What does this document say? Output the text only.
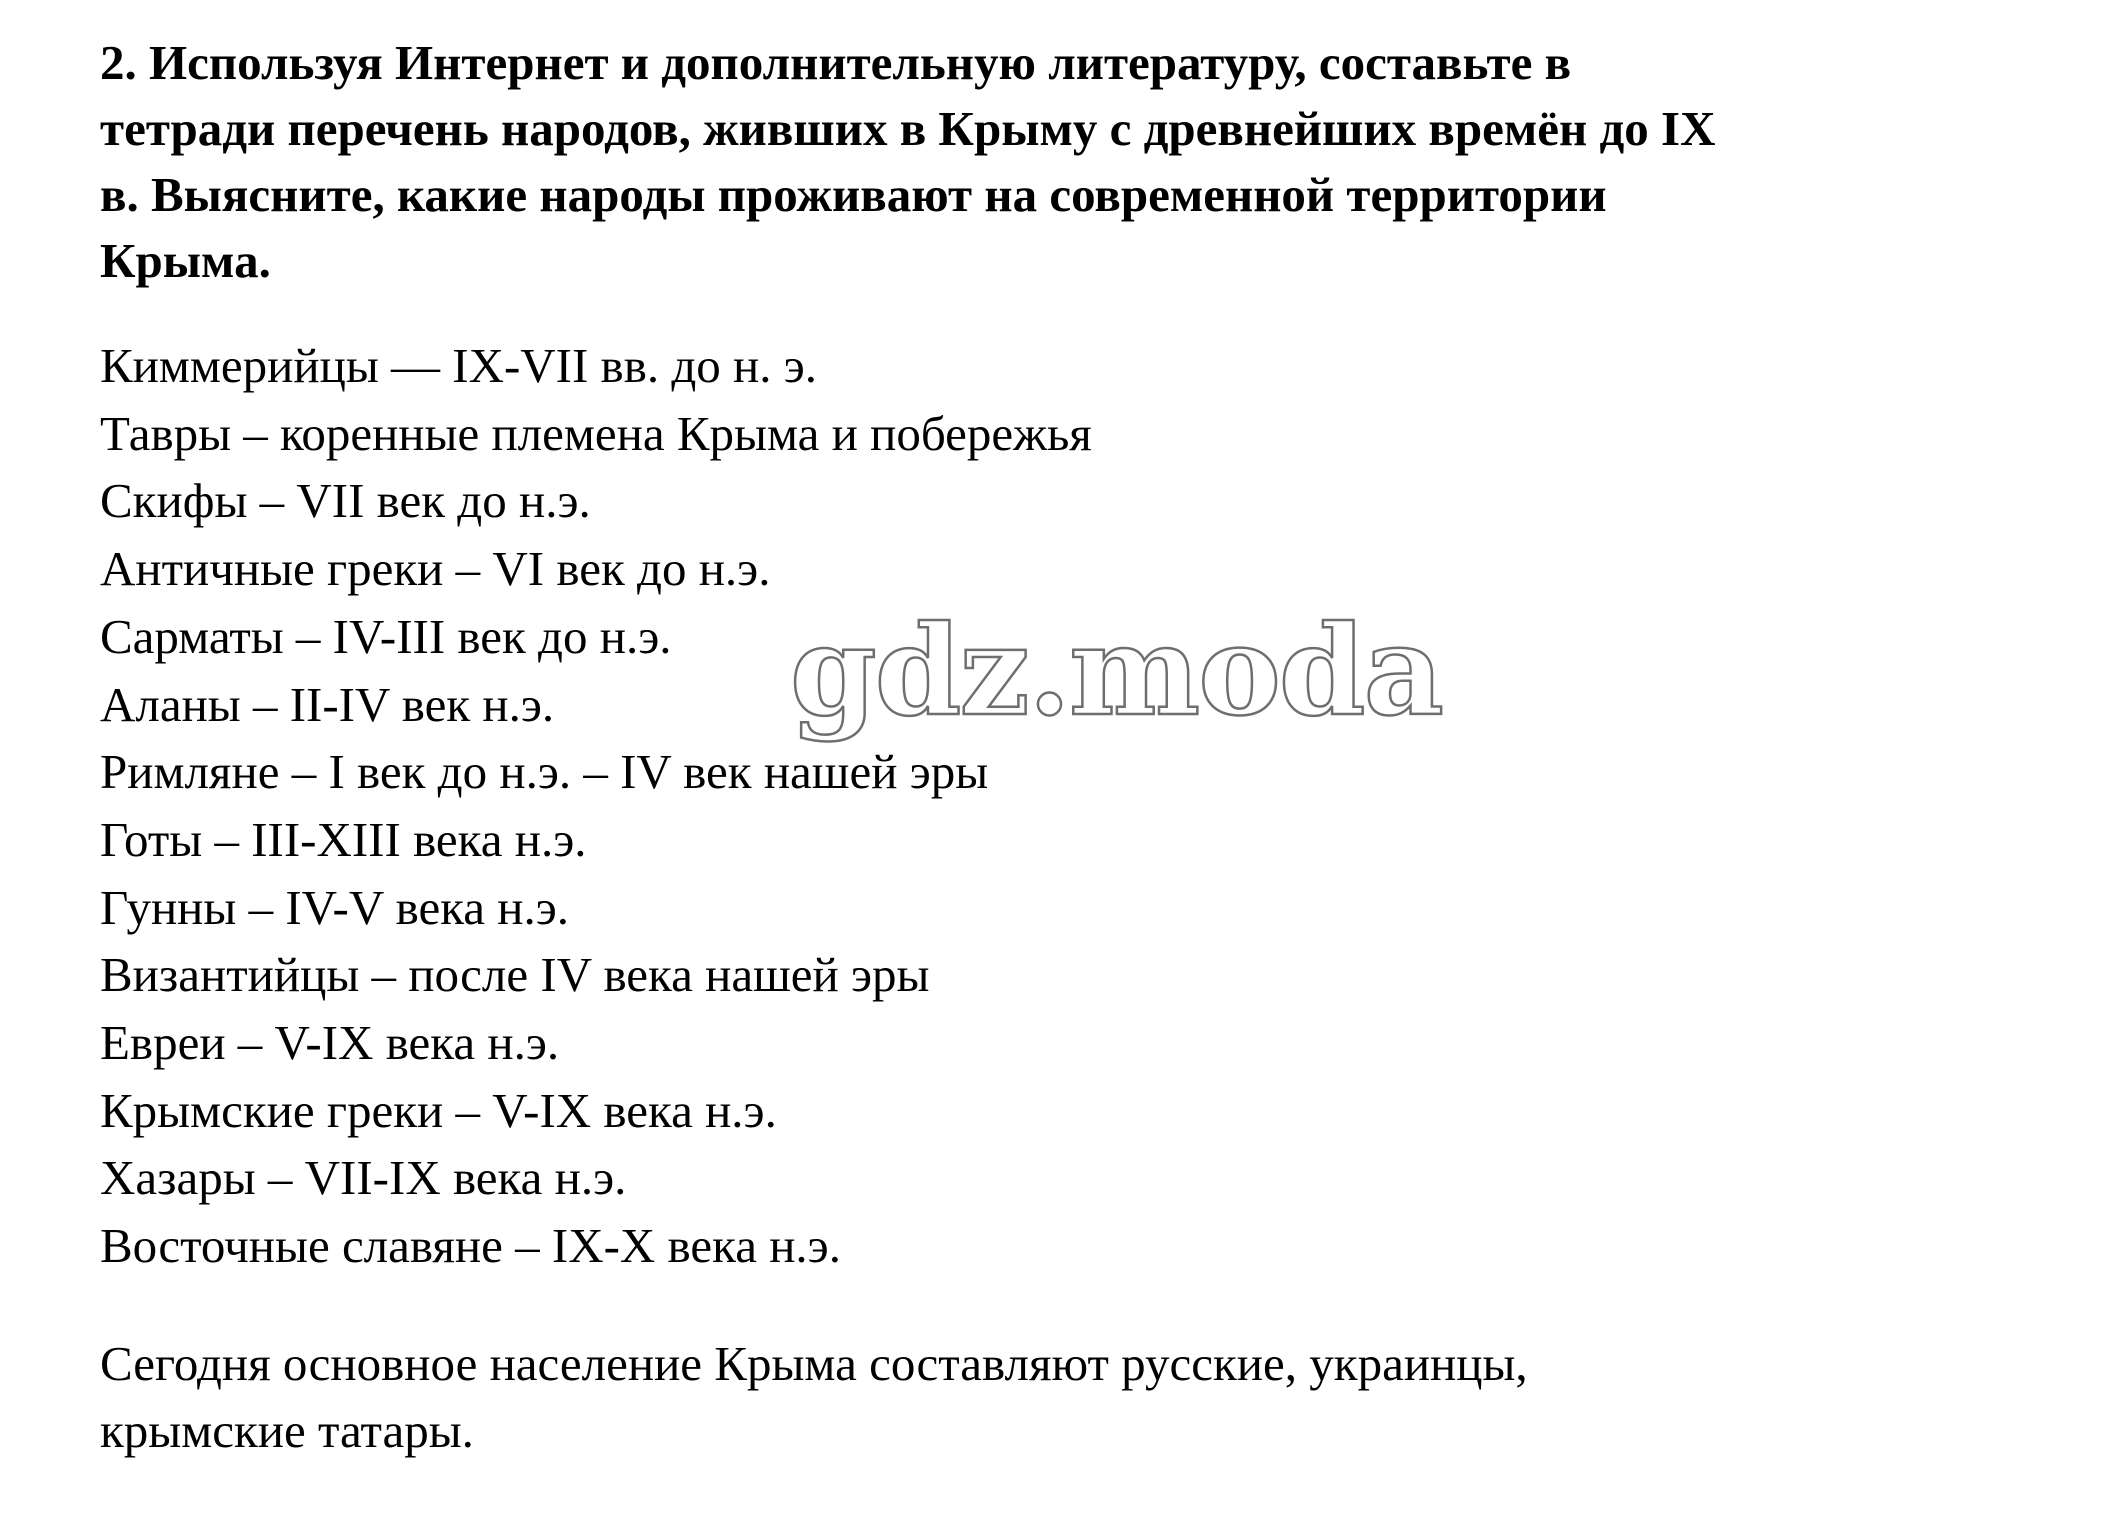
2. Используя Интернет и дополнительную литературу, составьте в
тетради перечень народов, живших в Крыму с древнейших времён до IX
в. Выясните, какие народы проживают на современной территории
Крыма.

Киммерийцы — IX-VII вв. до н. э.
Тавры – коренные племена Крыма и побережья
Скифы – VII век до н.э.
Античные греки – VI век до н.э.
Сарматы – IV-III век до н.э.
Аланы – II-IV век н.э.
Римляне – I век до н.э. – IV век нашей эры
Готы – III-XIII века н.э.
Гунны – IV-V века н.э.
Византийцы – после IV века нашей эры
Евреи – V-IX века н.э.
Крымские греки – V-IX века н.э.
Хазары – VII-IX века н.э.
Восточные славяне – IX-X века н.э.

Сегодня основное население Крыма составляют русские, украинцы,
крымские татары.

gdz.moda
